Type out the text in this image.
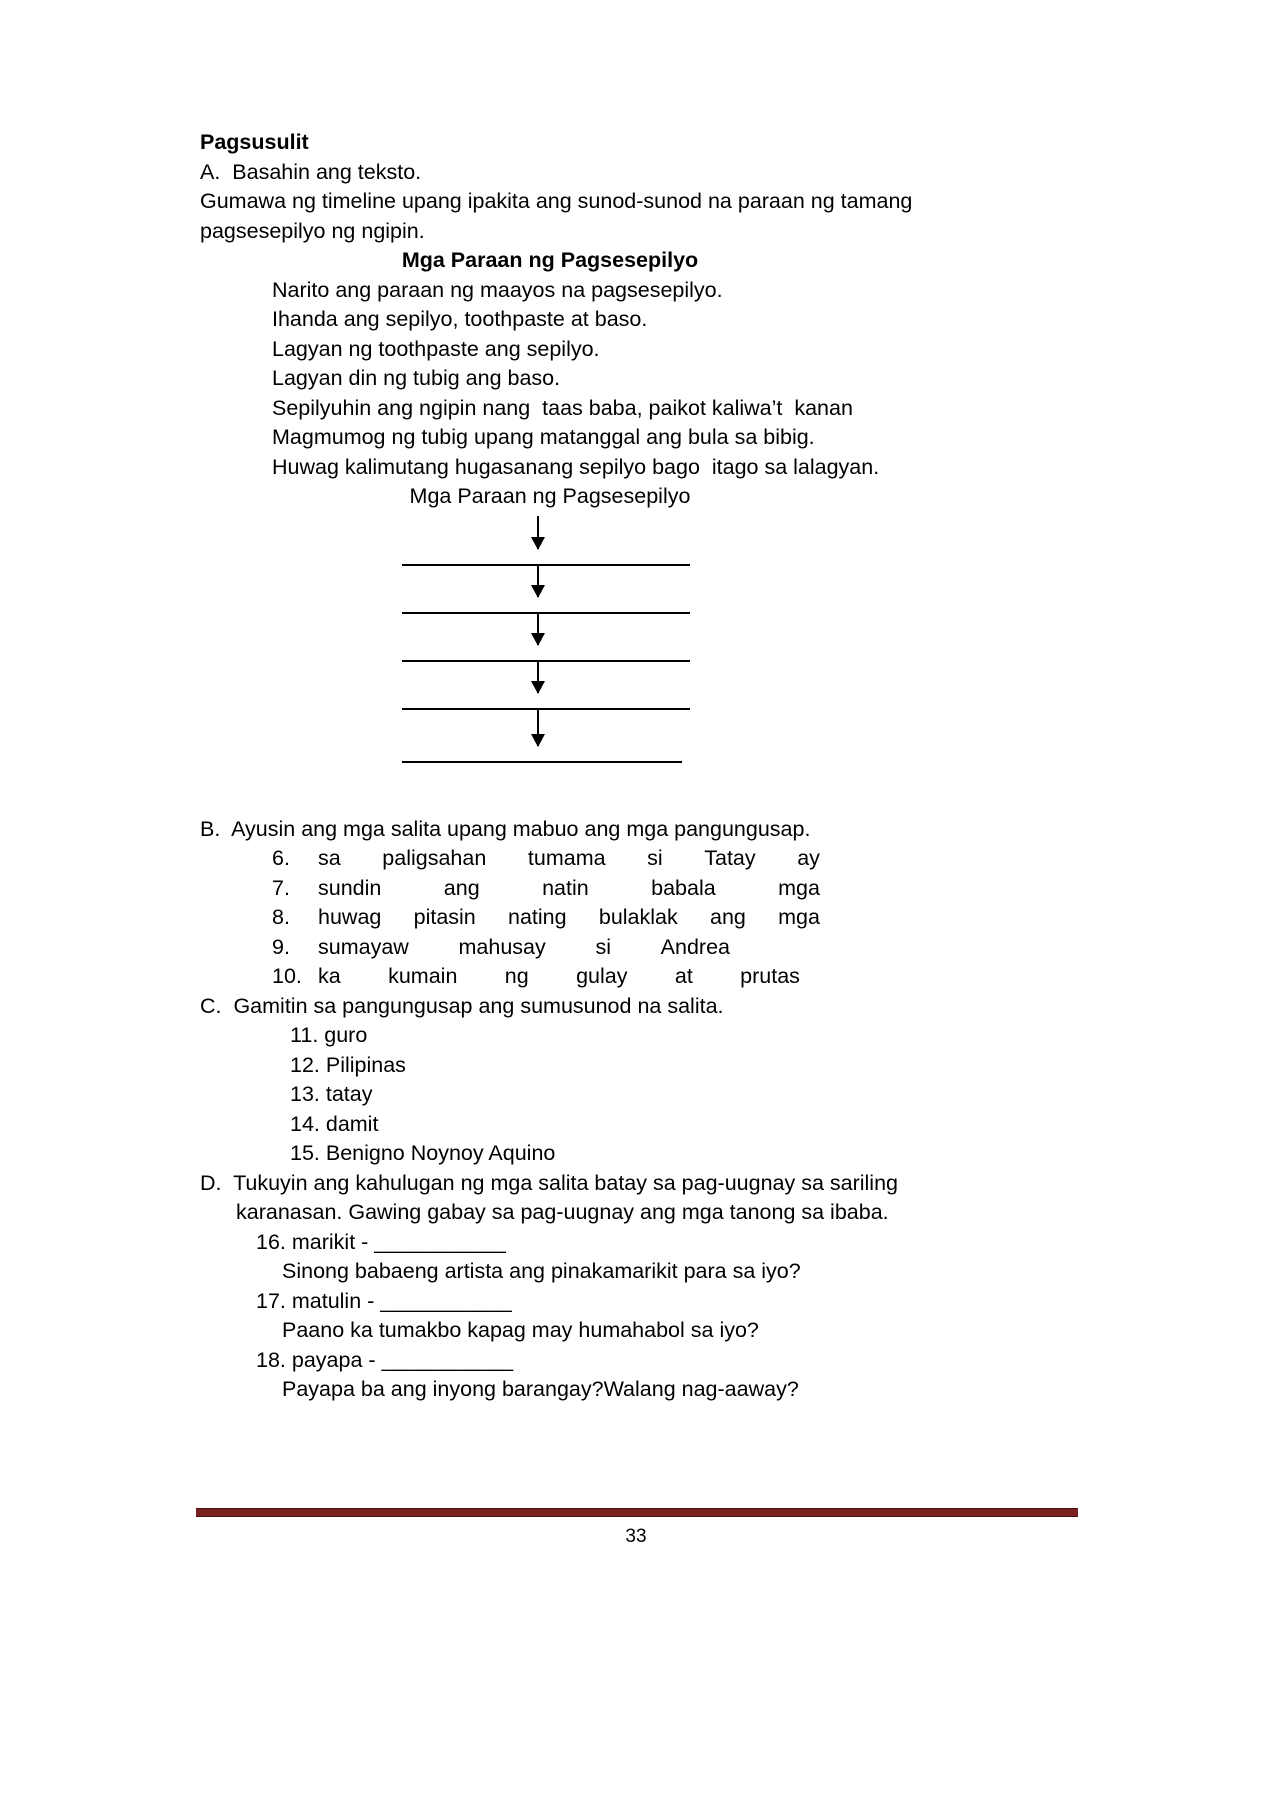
Pagsusulit
A. Basahin ang teksto.
Gumawa ng timeline upang ipakita ang sunod-sunod na paraan ng tamang
pagsesepilyo ng ngipin.
Mga Paraan ng Pagsesepilyo
Narito ang paraan ng maayos na pagsesepilyo.
Ihanda ang sepilyo, toothpaste at baso.
Lagyan ng toothpaste ang sepilyo.
Lagyan din ng tubig ang baso.
Sepilyuhin ang ngipin nang  taas baba, paikot kaliwa’t  kanan
Magmumog ng tubig upang matanggal ang bula sa bibig.
Huwag kalimutang hugasanang sepilyo bago  itago sa lalagyan.
Mga Paraan ng Pagsesepilyo
B. Ayusin ang mga salita upang mabuo ang mga pangungusap.
6.	sa paligsahan tumama si Tatay ay
7.	sundin	ang	natin	babala	mga
8.	huwag pitasin nating bulaklak ang mga
9.	sumayaw mahusay si Andrea
10. ka kumain ng gulay at prutas
C. Gamitin sa pangungusap ang sumusunod na salita.
11. guro
12. Pilipinas
13. tatay
14. damit
15. Benigno Noynoy Aquino
D. Tukuyin ang kahulugan ng mga salita batay sa pag-uugnay sa sariling
karanasan. Gawing gabay sa pag-uugnay ang mga tanong sa ibaba.
16. marikit - ___________
Sinong babaeng artista ang pinakamarikit para sa iyo?
17. matulin - ___________
Paano ka tumakbo kapag may humahabol sa iyo?
18. payapa - ___________
Payapa ba ang inyong barangay?Walang nag-aaway?
33
